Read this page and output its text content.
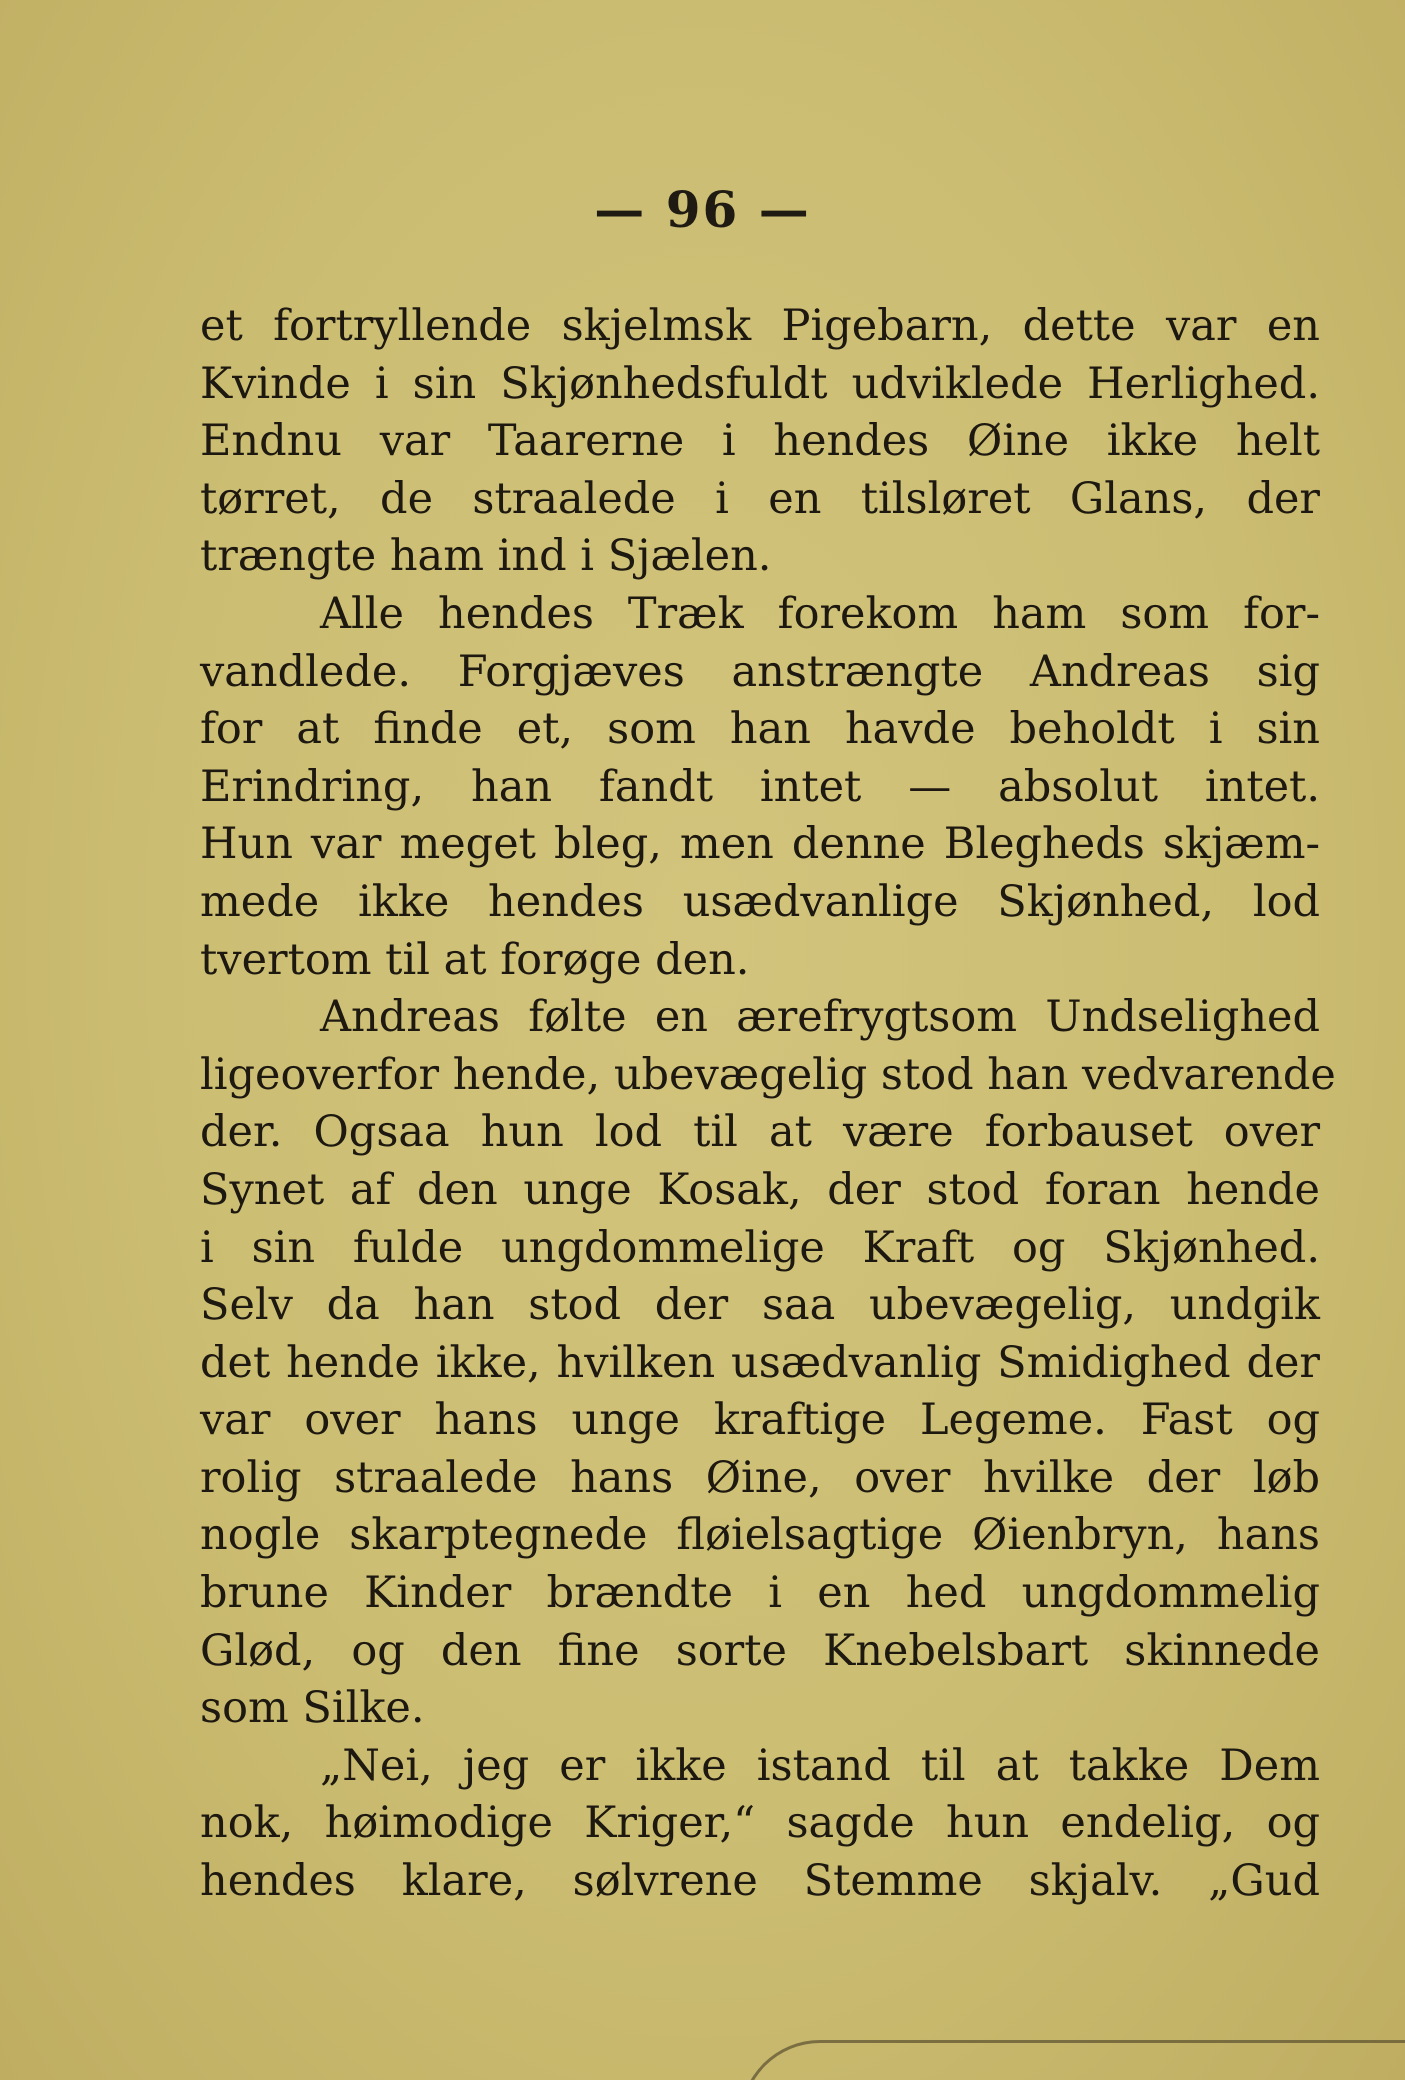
— 96 —
et fortryllende skjelmsk Pigebarn, dette var en
Kvinde i sin Skjønhedsfuldt udviklede Herlighed.
Endnu var Taarerne i hendes Øine ikke helt
tørret, de straalede i en tilsløret Glans, der
trængte ham ind i Sjælen.
Alle hendes Træk forekom ham som for-
vandlede. Forgjæves anstrængte Andreas sig
for at finde et, som han havde beholdt i sin
Erindring, han fandt intet — absolut intet.
Hun var meget bleg, men denne Blegheds skjæm-
mede ikke hendes usædvanlige Skjønhed, lod
tvertom til at forøge den.
Andreas følte en ærefrygtsom Undselighed
ligeoverfor hende, ubevægelig stod han vedvarende
der. Ogsaa hun lod til at være forbauset over
Synet af den unge Kosak, der stod foran hende
i sin fulde ungdommelige Kraft og Skjønhed.
Selv da han stod der saa ubevægelig, undgik
det hende ikke, hvilken usædvanlig Smidighed der
var over hans unge kraftige Legeme. Fast og
rolig straalede hans Øine, over hvilke der løb
nogle skarptegnede fløielsagtige Øienbryn, hans
brune Kinder brændte i en hed ungdommelig
Glød, og den fine sorte Knebelsbart skinnede
som Silke.
„Nei, jeg er ikke istand til at takke Dem
nok, høimodige Kriger,“ sagde hun endelig, og
hendes klare, sølvrene Stemme skjalv. „Gud
